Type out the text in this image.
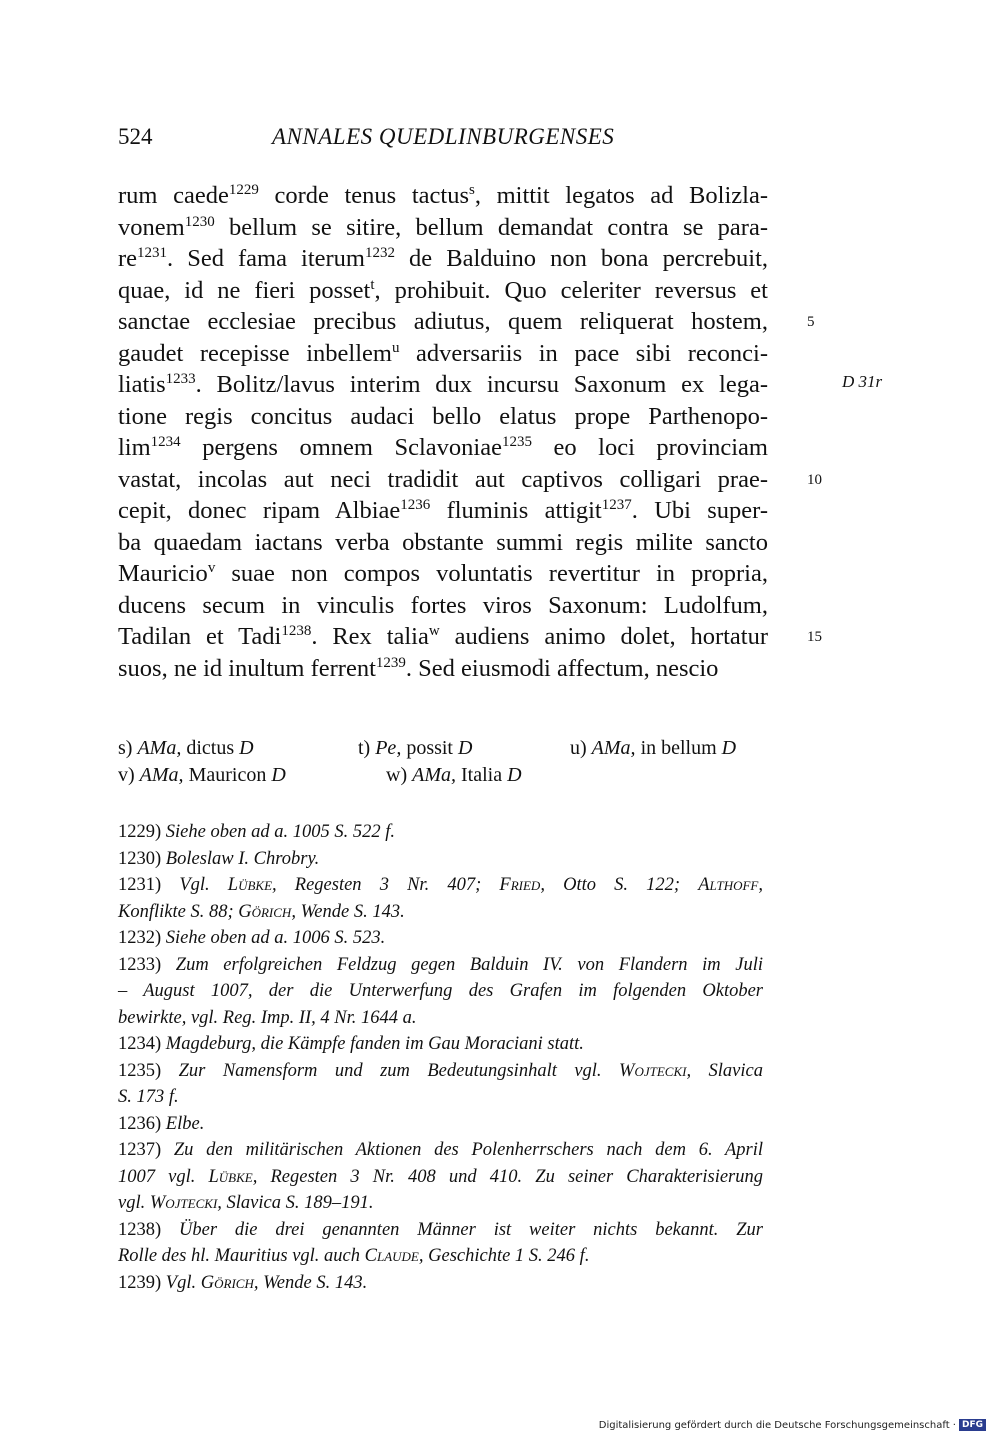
524	ANNALES QUEDLINBURGENSES
rum caede$^{1229}$ corde tenus tactus$^s$, mittit legatos ad Bolizla-
vonem$^{1230}$ bellum se sitire, bellum demandat contra se para-
$re^{1231}$. Sed fama iterum$^{1232}$ de Balduino non bona percrebuit,
quae, id ne fieri posset$^t$, prohibuit. Quo celeriter reversus et
sanctae ecclesiae precibus adiutus, quem reliquerat hostem,
gaudet recepisse inbellem$^u$ adversariis in pace sibi reconci-
liatis$^{1233}$. Bolitz/lavus interim dux incursu Saxonum ex lega-
tione regis concitus audaci bello elatus prope Parthenopo-
$\lim^{1234}$ pergens omnem Sclavoniae$^{1235}$ eo loci provinciam
vastat, incolas aut neci tradidit aut captivos colligari prae-
cepit, donec ripam Albiae$^{1236}$ fluminis attigit$^{1237}$. Ubi super-
ba quaedam iactans verba obstante summi regis milite sancto
Mauricio$^v$ suae non compos voluntatis revertitur in propria,
ducens secum in vinculis fortes viros Saxonum: Ludolfum,
Tadilan et Tadi$^{1238}$. Rex talia$^w$ audiens animo dolet, hortatur
suos, ne id inultum ferrent$^{1239}$. Sed eiusmodi affectum, nescio
5
10
15
D 31r
s) AMa, dictus D	t) Pe, possit D	u) AMa, in bellum D
v) AMa, Mauricon D	w) AMa, Italia D
1229) Siehe oben ad a. 1005 S. 522 f.
1230) Boleslaw I. Chrobry.
1231) Vgl. Lübke, Regesten 3 Nr. 407; Fried, Otto S. 122; Althoff,
Konflikte S. 88; Görich, Wende S. 143.
1232) Siehe oben ad a. 1006 S. 523.
1233) Zum erfolgreichen Feldzug gegen Balduin IV. von Flandern im Juli
– August 1007, der die Unterwerfung des Grafen im folgenden Oktober
bewirkte, vgl. Reg. Imp. II, 4 Nr. 1644 a.
1234) Magdeburg, die Kämpfe fanden im Gau Moraciani statt.
1235) Zur Namensform und zum Bedeutungsinhalt vgl. Wojtecki, Slavica
S. 173 f.
1236) Elbe.
1237) Zu den militärischen Aktionen des Polenherrschers nach dem 6. April
1007 vgl. Lübke, Regesten 3 Nr. 408 und 410. Zu seiner Charakterisierung
vgl. Wojtecki, Slavica S. 189–191.
1238) Über die drei genannten Männer ist weiter nichts bekannt. Zur
Rolle des hl. Mauritius vgl. auch Claude, Geschichte 1 S. 246 f.
1239) Vgl. Görich, Wende S. 143.
Digitalisierung gefördert durch die Deutsche Forschungsgemeinschaft · DFG
